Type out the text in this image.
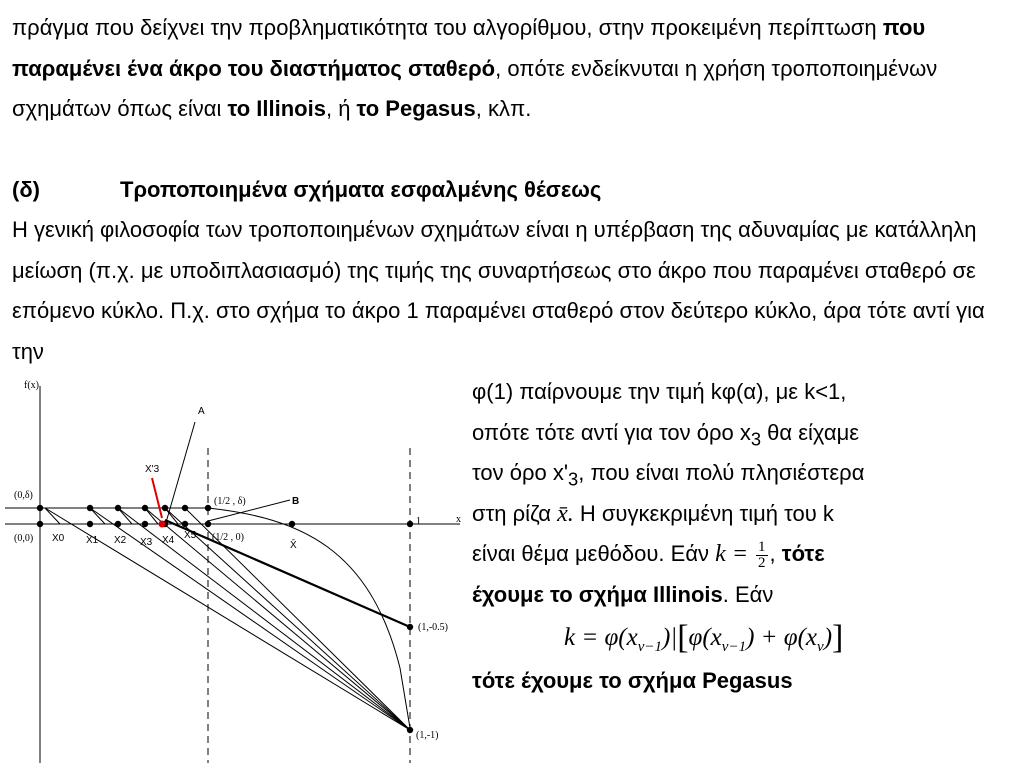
πράγμα που δείχνει την προβληματικότητα του αλγορίθμου, στην προκειμένη περίπτωση που παραμένει ένα άκρο του διαστήματος σταθερό, οπότε ενδείκνυται η χρήση τροποποιημένων σχημάτων όπως είναι το Illinois, ή το Pegasus, κλπ.

(δ)	Τροποποιημένα σχήματα εσφαλμένης θέσεως

Η γενική φιλοσοφία των τροποποιημένων σχημάτων είναι η υπέρβαση της αδυναμίας με κατάλληλη μείωση (π.χ. με υποδιπλασιασμό) της τιμής της συναρτήσεως στο άκρο που παραμένει σταθερό σε επόμενο κύκλο. Π.χ. στο σχήμα το άκρο 1 παραμένει σταθερό στον δεύτερο κύκλο, άρα τότε αντί για την

f(x)
x
A
B
X'3
(0,δ)
(0,0)
(1/2 , δ)
(1/2 , 0)
1
(1,-0.5)
(1,-1)
X̄
X0 X1 X2 X3 X4 X5
φ(1) παίρνουμε την τιμή kφ(α), με k<1,
οπότε τότε αντί για τον όρο $x_3$ θα είχαμε
τον όρο $x'_3$, που είναι πολύ πλησιέστερα
στη ρίζα x̄. Η συγκεκριμένη τιμή του k
είναι θέμα μεθόδου. Εάν $k = \frac{1}{2}$ , τότε
έχουμε το σχήμα Illinois. Εάν
$k = \varphi(x_{v-1})|[\varphi(x_{v-1}) + \varphi(x_v)]$
τότε έχουμε το σχήμα Pegasus
